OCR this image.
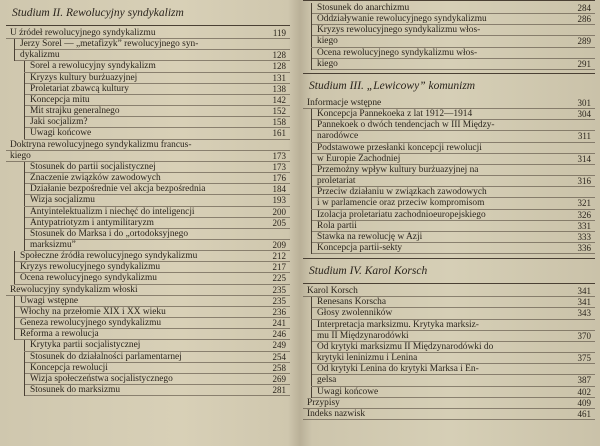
Studium II. Rewolucyjny syndykalizm
U źródeł rewolucyjnego syndykalizmu	119
Jerzy Sorel — „metafizyk” rewolucyjnego syn-
dykalizmu	128
Sorel a rewolucyjny syndykalizm	128
Kryzys kultury burżuazyjnej	131
Proletariat zbawcą kultury	138
Koncepcja mitu	142
Mit strajku generalnego	152
Jaki socjalizm?	158
Uwagi końcowe	161
Doktryna rewolucyjnego syndykalizmu francus-
kiego	173
Stosunek do partii socjalistycznej	173
Znaczenie związków zawodowych	176
Działanie bezpośrednie vel akcja bezpośrednia	184
Wizja socjalizmu	193
Antyintelektualizm i niechęć do inteligencji	200
Antypatriotyzm i antymilitaryzm	205
Stosunek do Marksa i do „ortodoksyjnego
marksizmu”	209
Społeczne źródła rewolucyjnego syndykalizmu	212
Kryzys rewolucyjnego syndykalizmu	217
Ocena rewolucyjnego syndykalizmu	225
Rewolucyjny syndykalizm włoski	235
Uwagi wstępne	235
Włochy na przełomie XIX i XX wieku	236
Geneza rewolucyjnego syndykalizmu	241
Reforma a rewolucja	246
Krytyka partii socjalistycznej	249
Stosunek do działalności parlamentarnej	254
Koncepcja rewolucji	258
Wizja społeczeństwa socjalistycznego	269
Stosunek do marksizmu	281
Stosunek do anarchizmu	284
Oddziaływanie rewolucyjnego syndykalizmu	286
Kryzys rewolucyjnego syndykalizmu włos-
kiego	289
Ocena rewolucyjnego syndykalizmu włos-
kiego	291
Studium III. „Lewicowy” komunizm
Informacje wstępne	301
Koncepcja Pannekoeka z lat 1912—1914	304
Pannekoek o dwóch tendencjach w III Między-
narodówce	311
Podstawowe przesłanki koncepcji rewolucji
w Europie Zachodniej	314
Przemożny wpływ kultury burżuazyjnej na
proletariat	316
Przeciw działaniu w związkach zawodowych
i w parlamencie oraz przeciw kompromisom	321
Izolacja proletariatu zachodnioeuropejskiego	326
Rola partii	331
Stawka na rewolucję w Azji	333
Koncepcja partii-sekty	336
Studium IV. Karol Korsch
Karol Korsch	341
Renesans Korscha	341
Głosy zwolenników	343
Interpretacja marksizmu. Krytyka marksiz-
mu II Międzynarodówki	370
Od krytyki marksizmu II Międzynarodówki do
krytyki leninizmu i Lenina	375
Od krytyki Lenina do krytyki Marksa i En-
gelsa	387
Uwagi końcowe	402
Przypisy	409
Indeks nazwisk	461
